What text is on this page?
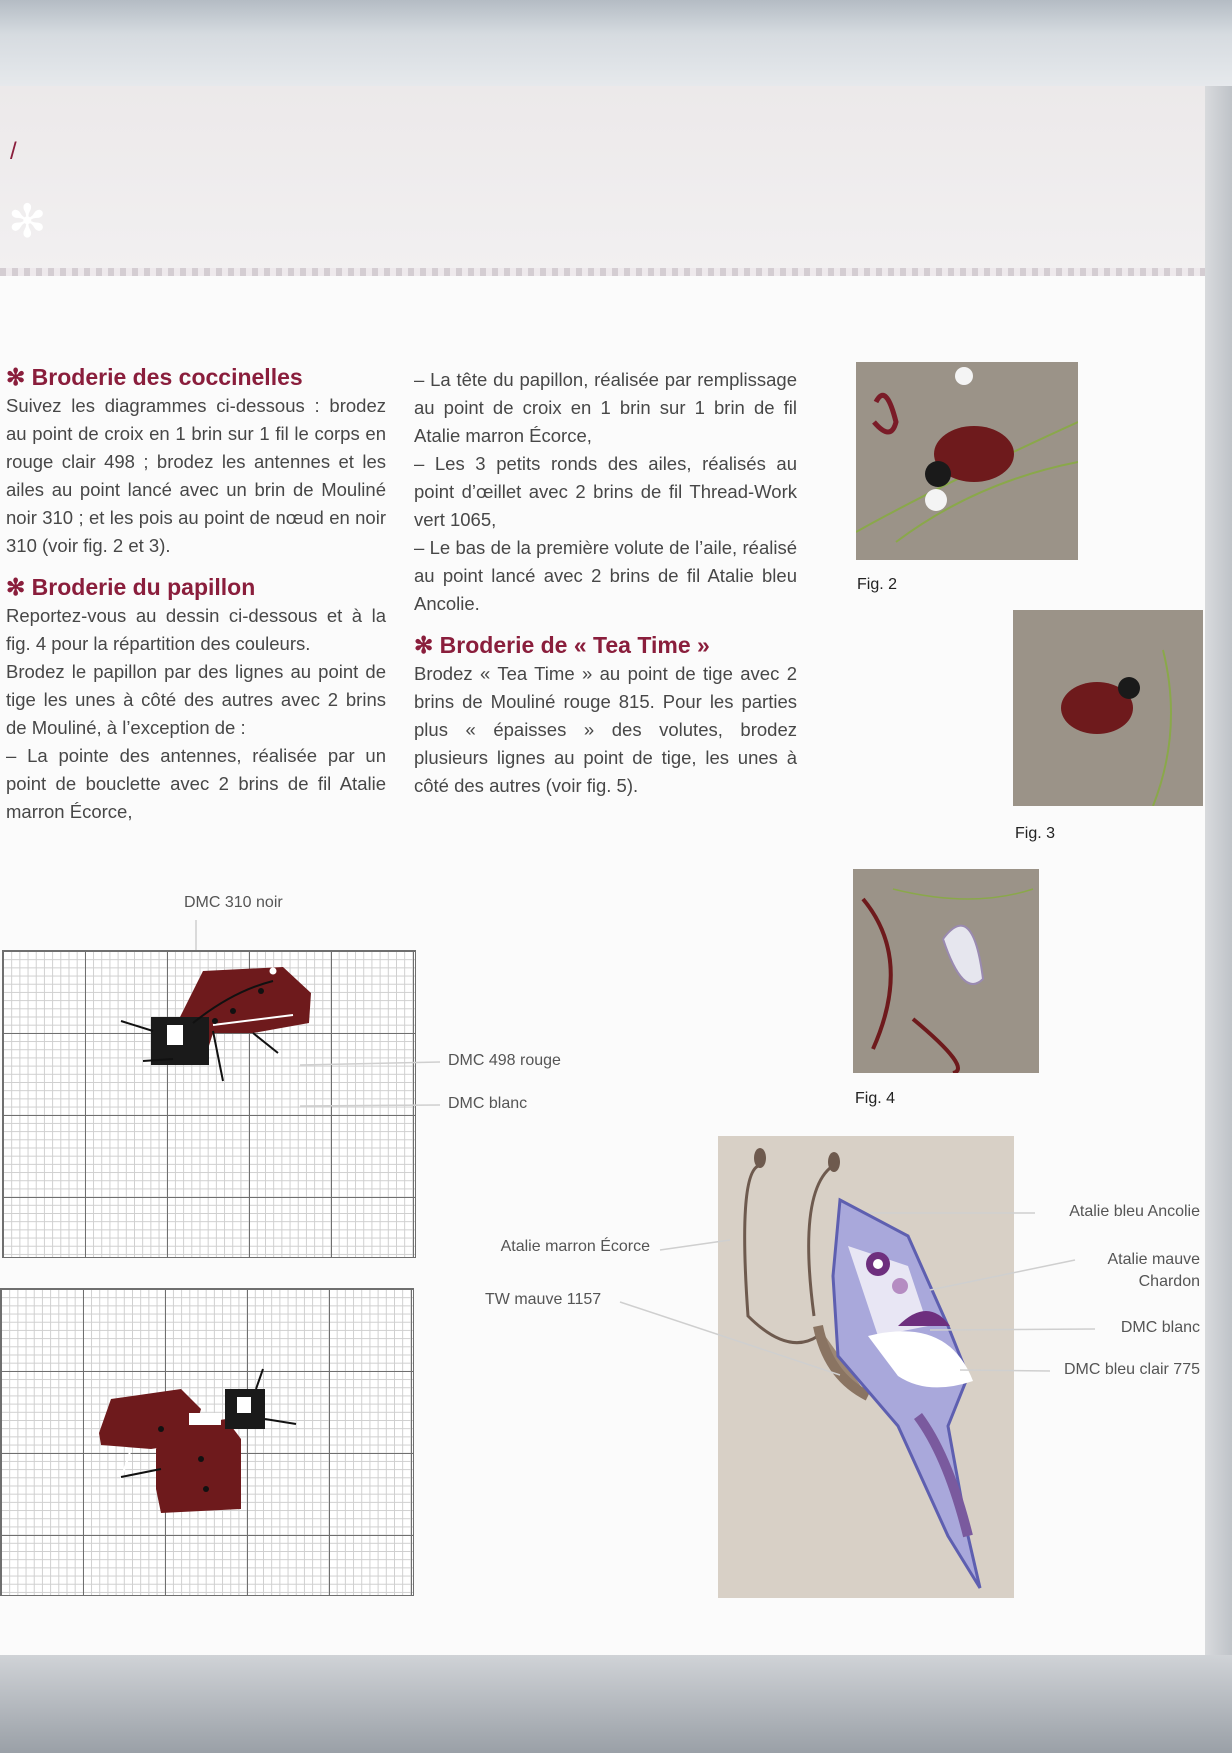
/
✻
✻ Broderie des coccinelles

Suivez les diagrammes ci-dessous : brodez au point de croix en 1 brin sur 1 fil le corps en rouge clair 498 ; brodez les antennes et les ailes au point lancé avec un brin de Mouliné noir 310 ; et les pois au point de nœud en noir 310 (voir fig. 2 et 3).

✻ Broderie du papillon

Reportez-vous au dessin ci-dessous et à la fig. 4 pour la répartition des couleurs.

Brodez le papillon par des lignes au point de tige les unes à côté des autres avec 2 brins de Mouliné, à l’exception de :

– La pointe des antennes, réalisée par un point de bouclette avec 2 brins de fil Atalie marron Écorce,

– La tête du papillon, réalisée par remplissage au point de croix en 1 brin sur 1 brin de fil Atalie marron Écorce,

– Les 3 petits ronds des ailes, réalisés au point d’œillet avec 2 brins de fil Thread-Work vert 1065,

– Le bas de la première volute de l’aile, réalisé au point lancé avec 2 brins de fil Atalie bleu Ancolie.

✻ Broderie de « Tea Time »

Brodez « Tea Time » au point de tige avec 2 brins de Mouliné rouge 815. Pour les parties plus « épaisses » des volutes, brodez plusieurs lignes au point de tige, les unes à côté des autres (voir fig. 5).

Fig. 2
Fig. 3
Fig. 4
DMC 310 noir
DMC 498 rouge
DMC blanc
Atalie bleu Ancolie
Atalie mauve Chardon
DMC blanc
DMC bleu clair 775
Atalie marron Écorce
TW mauve 1157
